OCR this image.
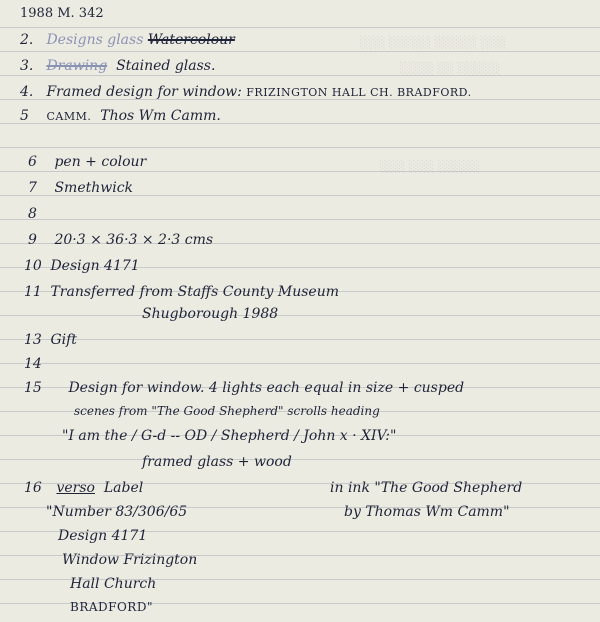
░░░ ░░░░░ ░░░░░ ░░░
░░░░ ░░ ░░░░░
░░░ ░░░ ░░░░░
1988 M. 342
2. Designs glass Watercolour
3. Drawing Stained glass.
4. Framed design for window: FRIZINGTON HALL CH. BRADFORD.
5 CAMM. Thos Wm Camm.
6 pen + colour
7 Smethwick
8
9 20·3 × 36·3 × 2·3 cms
10 Design 4171
11 Transferred from Staffs County Museum
Shugborough 1988
13 Gift
14
15 Design for window. 4 lights each equal in size + cusped
scenes from "The Good Shepherd" scrolls heading
"I am the / G-d -- OD / Shepherd / John x · XIV:"
framed glass + wood
16 verso Label	in ink "The Good Shepherd
by Thomas Wm Camm"
"Number 83/306/65
Design 4171
Window Frizington
Hall Church
BRADFORD"
